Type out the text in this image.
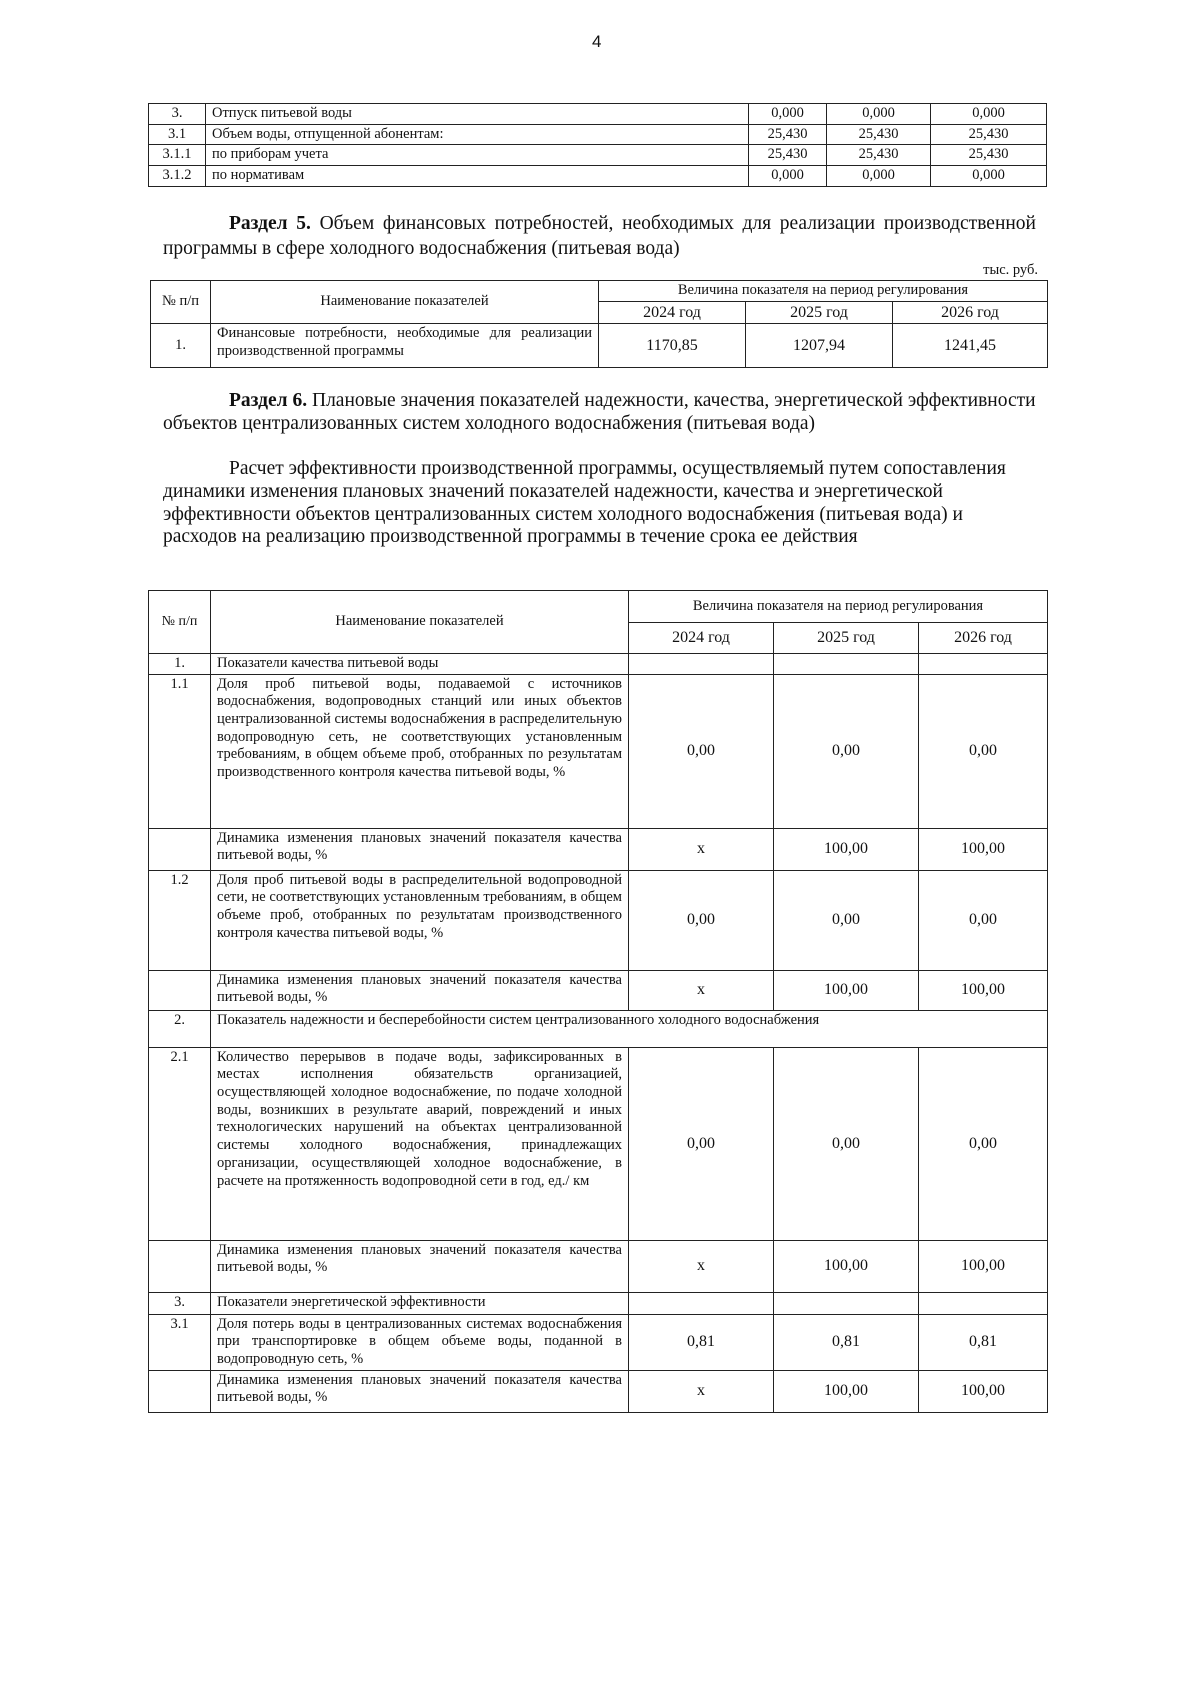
4
3.	Отпуск питьевой воды	0,000	0,000	0,000
3.1	Объем воды, отпущенной абонентам:	25,430	25,430	25,430
3.1.1	по приборам учета	25,430	25,430	25,430
3.1.2	по нормативам	0,000	0,000	0,000
Раздел 5. Объем финансовых потребностей, необходимых для реализации производственной программы в сфере холодного водоснабжения (питьевая вода)
тыс. руб.
№ п/п	Наименование показателей	Величина показателя на период регулирования		
		2024 год	2025 год	2026 год
1.	Финансовые потребности, необходимые для реализации производственной программы	1170,85	1207,94	1241,45
Раздел 6. Плановые значения показателей надежности, качества, энергетической эффективности объектов централизованных систем холодного водоснабжения (питьевая вода)
Расчет эффективности производственной программы, осуществляемый путем сопоставления динамики изменения плановых значений показателей надежности, качества и энергетической эффективности объектов централизованных систем холодного водоснабжения (питьевая вода) и расходов на реализацию производственной программы в течение срока ее действия
№ п/п	Наименование показателей	Величина показателя на период регулирования		
		2024 год	2025 год	2026 год
1.	Показатели качества питьевой воды			
1.1	Доля проб питьевой воды, подаваемой с источников водоснабжения, водопроводных станций или иных объектов централизованной системы водоснабжения в распределительную водопроводную сеть, не соответствующих установленным требованиям, в общем объеме проб, отобранных по результатам производственного контроля качества питьевой воды, %	0,00	0,00	0,00
	Динамика изменения плановых значений показателя качества питьевой воды, %	x	100,00	100,00
1.2	Доля проб питьевой воды в распределительной водопроводной сети, не соответствующих установленным требованиям, в общем объеме проб, отобранных по результатам производственного контроля качества питьевой воды, %	0,00	0,00	0,00
	Динамика изменения плановых значений показателя качества питьевой воды, %	x	100,00	100,00
2.	Показатель надежности и бесперебойности систем централизованного холодного водоснабжения			
2.1	Количество перерывов в подаче воды, зафиксированных в местах исполнения обязательств организацией, осуществляющей холодное водоснабжение, по подаче холодной воды, возникших в результате аварий, повреждений и иных технологических нарушений на объектах централизованной системы холодного водоснабжения, принадлежащих организации, осуществляющей холодное водоснабжение, в расчете на протяженность водопроводной сети в год, ед./ км	0,00	0,00	0,00
	Динамика изменения плановых значений показателя качества питьевой воды, %	x	100,00	100,00
3.	Показатели энергетической эффективности			
3.1	Доля потерь воды в централизованных системах водоснабжения при транспортировке в общем объеме воды, поданной в водопроводную сеть, %	0,81	0,81	0,81
	Динамика изменения плановых значений показателя качества питьевой воды, %	x	100,00	100,00
